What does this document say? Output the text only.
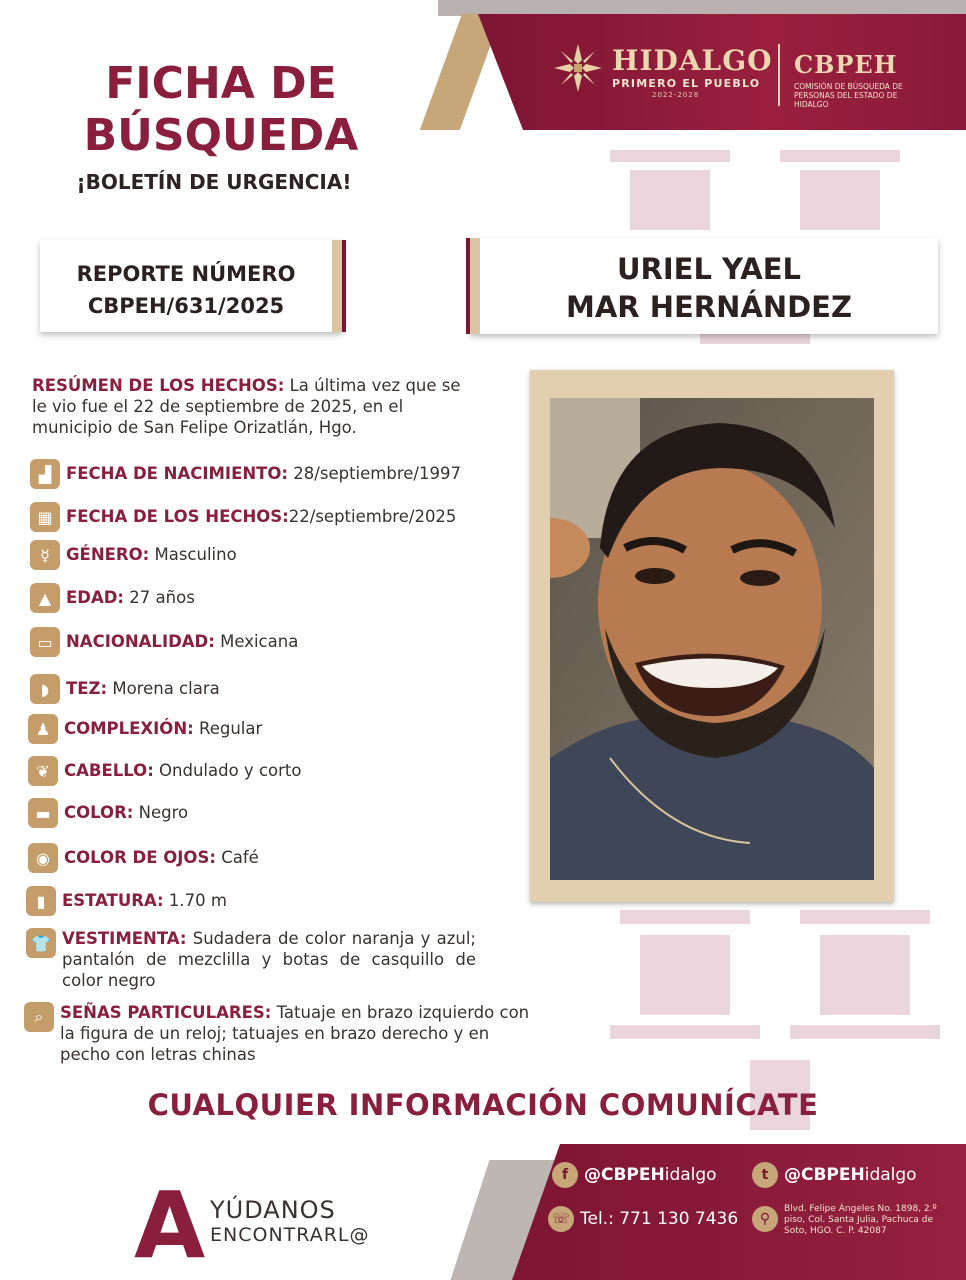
HIDALGO
PRIMERO EL PUEBLO
2022-2028
CBPEH
COMISIÓN DE BÚSQUEDA DE PERSONAS DEL ESTADO DE HIDALGO
FICHA DE
BÚSQUEDA
¡BOLETÍN DE URGENCIA!
REPORTE NÚMERO
CBPEH/631/2025
URIEL YAEL
MAR HERNÁNDEZ
RESÚMEN DE LOS HECHOS: La última vez que se le vio fue el 22 de septiembre de 2025, en el municipio de San Felipe Orizatlán, Hgo.
▟ FECHA DE NACIMIENTO: 28/septiembre/1997
▦ FECHA DE LOS HECHOS:22/septiembre/2025
☿ GÉNERO: Masculino
▲ EDAD: 27 años
▭ NACIONALIDAD: Mexicana
◗	TEZ: Morena clara
♟ COMPLEXIÓN: Regular
❦ CABELLO: Ondulado y corto
▬ COLOR: Negro
◉ COLOR DE OJOS: Café
▮	ESTATURA: 1.70 m
👕 VESTIMENTA: Sudadera de color naranja y azul; pantalón de mezclilla y botas de casquillo de color negro
⌕	SEÑAS PARTICULARES: Tatuaje en brazo izquierdo con la figura de un reloj; tatuajes en brazo derecho y en pecho con letras chinas
CUALQUIER INFORMACIÓN COMUNÍCATE
f @CBPEH idalgo	t @CBPEH idalgo
☏ Tel.: 771 130 7436	⚲
Blvd. Felipe Ángeles No. 1898, 2.º piso, Col. Santa Julia, Pachuca de Soto, HGO. C. P. 42087
A YÚDANOS
ENCONTRARL@
